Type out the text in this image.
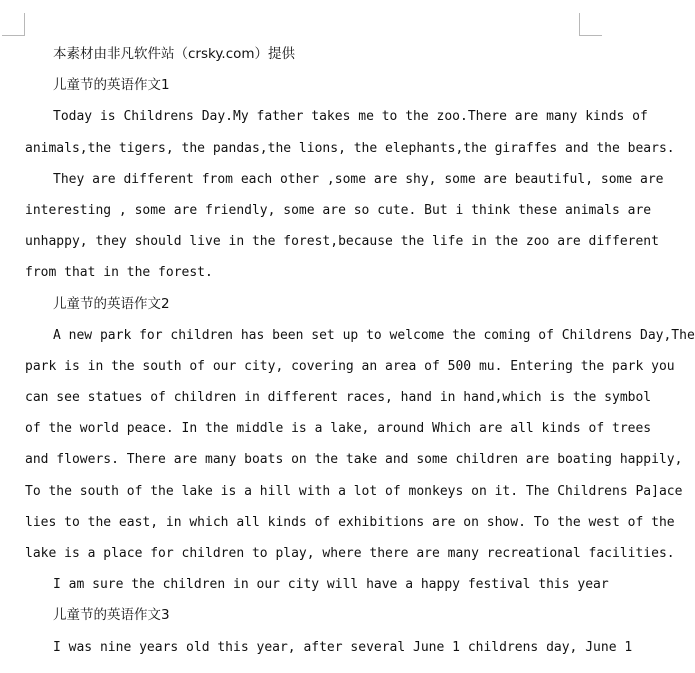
本素材由非凡软件站（crsky.com）提供
儿童节的英语作文1
Today is Childrens Day.My father takes me to the zoo.There are many kinds of
animals,the tigers, the pandas,the lions, the elephants,the giraffes and the bears.
They are different from each other ,some are shy, some are beautiful, some are
interesting , some are friendly, some are so cute. But i think these animals are
unhappy, they should live in the forest,because the life in the zoo are different
from that in the forest.
儿童节的英语作文2
A new park for children has been set up to welcome the coming of Childrens Day,The
park is in the south of our city, covering an area of 500 mu. Entering the park you
can see statues of children in different races, hand in hand,which is the symbol
of the world peace. In the middle is a lake, around Which are all kinds of trees
and flowers. There are many boats on the take and some children are boating happily,
To the south of the lake is a hill with a lot of monkeys on it. The Childrens Pa]ace
lies to the east, in which all kinds of exhibitions are on show. To the west of the
lake is a place for children to play, where there are many recreational facilities.
I am sure the children in our city will have a happy festival this year
儿童节的英语作文3
I was nine years old this year, after several June 1 childrens day, June 1
